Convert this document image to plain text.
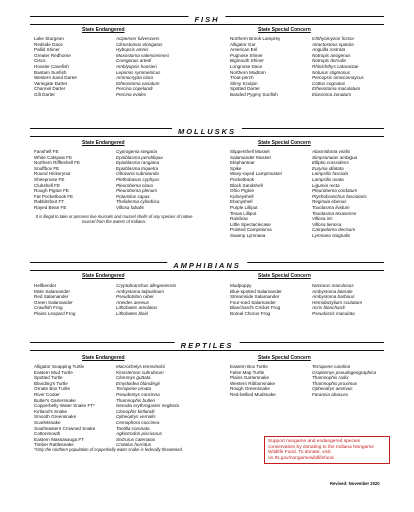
FISH
State Endangered	State Special Concern
Lake Sturgeon	Acipenser fulvescens
Redside Dace	Clinostomus elongatus
Pallid Shiner	Hybopsis amnis
Greater Redhorse	Moxostoma valenciennesi
Cisco	Coregonus artedi
Hoosier Cavefish	Amblyopsis hoosieri
Bantam Sunfish	Lepomis symmetricus
Western Sand Darter	Ammocrypta clara
Variegate Darter	Etheostoma variatum
Channel Darter	Percina copelandi
Gilt Darter	Percina evides
Northern Brook Lamprey	Ichthyomyzon fossor
Alligator Gar	Atractosteus spatula
American Eel	Anguilla rostrata
Pugnose Shiner	Notropis anogenus
Bigmouth Shiner	Notropis dorsalis
Longnose Dace	Rhinichthys cataractae
Northern Madtom	Noturus stigmosus
Trout-perch	Percopsis omiscomaycus
Slimy Sculpin	Cottus cognatus
Spotted Darter	Etheostoma maculatum
Banded Pygmy Sunfish	Elassoma zonatum
MOLLUSKS
State Endangered	State Special Concern
Fanshell FE	Cyprogenia stegaria
White Catspaw FE	Epioblasma perobliqua
Northern Riffleshell FE	Epioblasma rangiana
Snuffbox FE	Epioblasma triquetra
Round Hickorynut	Obovaria subrotunda
Sheepnose FE	Plethobasus cyphyus
Clubshell FE	Pleurobema clava
Rough Pigtoe FE	Pleurobema plenum
Fat Pocketbook FE	Potamilus capax
Rabbitsfoot FT	Theliderma cylindrica
Rayed Bean FE	Villosa fabalis
It is illegal to take or possess live mussels and mussel shells of any species of native mussel from the waters of Indiana.
Slippershell Mussel	Alasmidonta viridis
Salamander Mussel	Simpsonaias ambigua
Elephantear	Elliptio crassidens
Spike	Eurynia dilatata
Wavy-rayed Lampmussel	Lampsilis fasciola
Pocketbook	Lampsilis ovata
Black Sandshell	Ligumia recta
Ohio Pigtoe	Pleurobema cordatum
Kidneyshell	Ptychobranchus fasciolaris
Ebonyshell	Reginaia ebenus
Purple Lilliput	Toxolasma lividum
Texas Lilliput	Toxolasma texasense
Rainbow	Villosa iris
Little Spectaclecase	Villosa lienosa
Pointed Campeloma	Campeloma decisum
Swamp Lymnaea	Lymnaea stagnalis
AMPHIBIANS
State Endangered	State Special Concern
Hellbender	Cryptobranchus alleganiensis
Mole Salamander	Ambystoma talpoideum
Red Salamander	Pseudotriton ruber
Green Salamander	Aneides aeneus
Crawfish Frog	Lithobates areolatus
Plains Leopard Frog	Lithobates blairi
Mudpuppy	Necturus maculosus
Blue-spotted Salamander	Ambystoma laterale
Streamside Salamander	Ambystoma barbouri
Four-toed Salamander	Hemidactylium scutatum
Blanchard's Cricket Frog	Acris blanchardi
Boreal Chorus Frog	Pseudacris maculata
REPTILES
State Endangered	State Special Concern
Alligator Snapping Turtle	Macrochelys temminckii
Eastern Mud Turtle	Kinosternon subrubrum
Spotted Turtle	Clemmys guttata
Blanding's Turtle	Emydoidea blandingii
Ornate Box Turtle	Terrapene ornata
River Cooter	Pseudemys concinna
Butler's Gartersnake	Thamnophis butleri
Copperbelly Water Snake FT*	Nerodia erythrogaster neglecta
Kirtland's Snake	Clonophis kirtlandii
Smooth Greensnake	Opheodrys vernalis
Scarletsnake	Cemophora coccinea
Southeastern Crowned Snake	Tantilla coronata
Cottonmouth	Agkistrodon piscivorus
Eastern Massasauga FT	Sistrurus catenatus
Timber Rattlesnake	Crotalus horridus
*Only the northern population of copperbelly water snake is federally threatened.
Eastern Box Turtle	Terrapene carolina
False Map Turtle	Graptemys pseudogeographica
Plains Gartersnake	Thamnophis radix
Western Ribbonsnake	Thamnophis proximus
Rough Greensnake	Opheodrys aestivus
Red-bellied Mudsnake	Farancia abacura
Support nongame and endangered species conservation by donating to the Indiana Nongame Wildlife Fund. To donate, visit: on.IN.gov/nongamewildlifefund
Revised: November 2020
